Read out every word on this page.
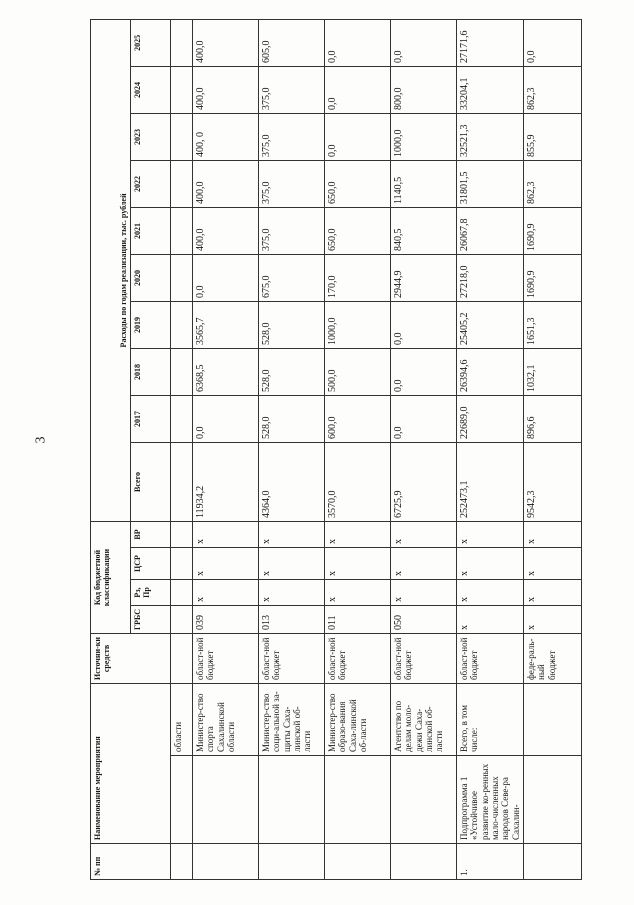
3
№ пп	Наименование мероприятия		Источни-ки средств	Код бюджетной классификации				Расходы по годам реализации, тыс. рублей									
				ГРБС	Рз, Пр	ЦСР	ВР	Всего	2017	2018	2019	2020	2021	2022	2023	2024	2025
		области															
		Министер-ство спорта Сахалинской области	област-ной бюджет	039	х	х	х	11934,2	0,0	6368,5	3565,7	0,0	400,0	400,0	400, 0	400,0	400,0
		Министер-ство соци-альной за-щиты Саха-линской об-ласти	област-ной бюджет	013	х	х	х	4364,0	528,0	528,0	528,0	675,0	375,0	375,0	375,0	375,0	605,0
		Министер-ство образо-вания Саха-линской об-ласти	област-ной бюджет	011	х	х	х	3570,0	600,0	500,0	1000,0	170,0	650,0	650,0	0,0	0,0	0,0
		Агентство по делам моло-дежи Саха-линской об-ласти	област-ной бюджет	050	х	х	х	6725,9	0,0	0,0	0,0	2944,9	840,5	1140,5	1000,0	800,0	0,0
1.	Подпрограмма 1 «Устойчивое развитие ко-ренных мало-численных народов Севе-ра Сахалин-	Всего, в том числе:	област-ной бюджет	х	х	х	х	252473,1	22689,0	26394,6	25405,2	27218,0	26067,8	31801,5	32521,3	33204,1	27171,6
			феде-раль-ный бюджет	х	х	х	х	9542,3	896,6	1032,1	1651,3	1690,9	1690,9	862,3	855,9	862,3	0,0
